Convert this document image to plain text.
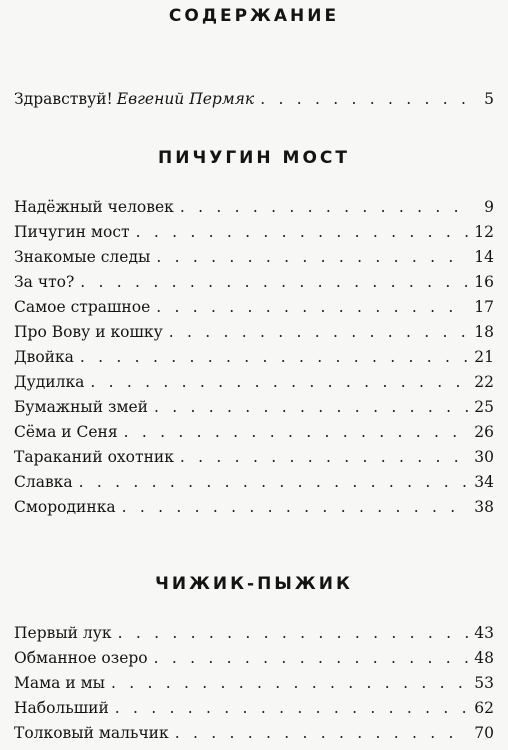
СОДЕРЖАНИЕ
Здравствуй! Евгений Пермяк . . .	5
ПИЧУГИН МОСТ
Надёжный человек . . .	9
Пичугин мост . . .	12
Знакомые следы . . .	14
За что? . . .	16
Самое страшное . . .	17
Про Вову и кошку . . .	18
Двойка . . .	21
Дудилка . . .	22
Бумажный змей . . .	25
Сёма и Сеня . . .	26
Тараканий охотник . . .	30
Славка . . .	34
Смородинка . . .	38
ЧИЖИК-ПЫЖИК
Первый лук . . .	43
Обманное озеро . . .	48
Мама и мы . . .	53
Набольший . . .	62
Толковый мальчик . . .	70
